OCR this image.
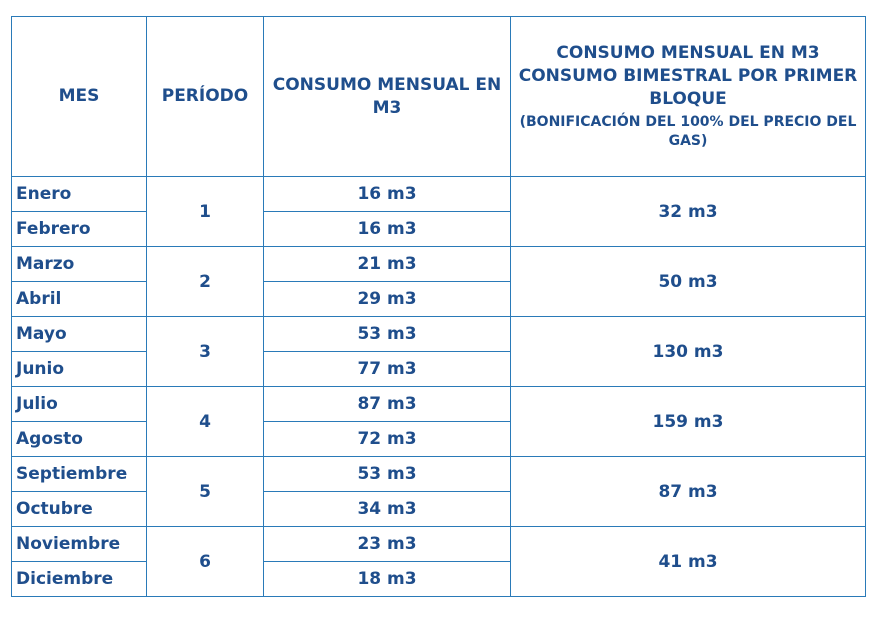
MES	PERÍODO	CONSUMO MENSUAL EN M3	CONSUMO MENSUAL EN M3 CONSUMO BIMESTRAL POR PRIMER BLOQUE
(BONIFICACIÓN DEL 100% DEL PRECIO DEL GAS)

Enero	1	16 m3	32 m3
Febrero		16 m3	
Marzo	2	21 m3	50 m3
Abril		29 m3	
Mayo	3	53 m3	130 m3
Junio		77 m3	
Julio	4	87 m3	159 m3
Agosto		72 m3	
Septiembre	5	53 m3	87 m3
Octubre		34 m3	
Noviembre	6	23 m3	41 m3
Diciembre		18 m3	
